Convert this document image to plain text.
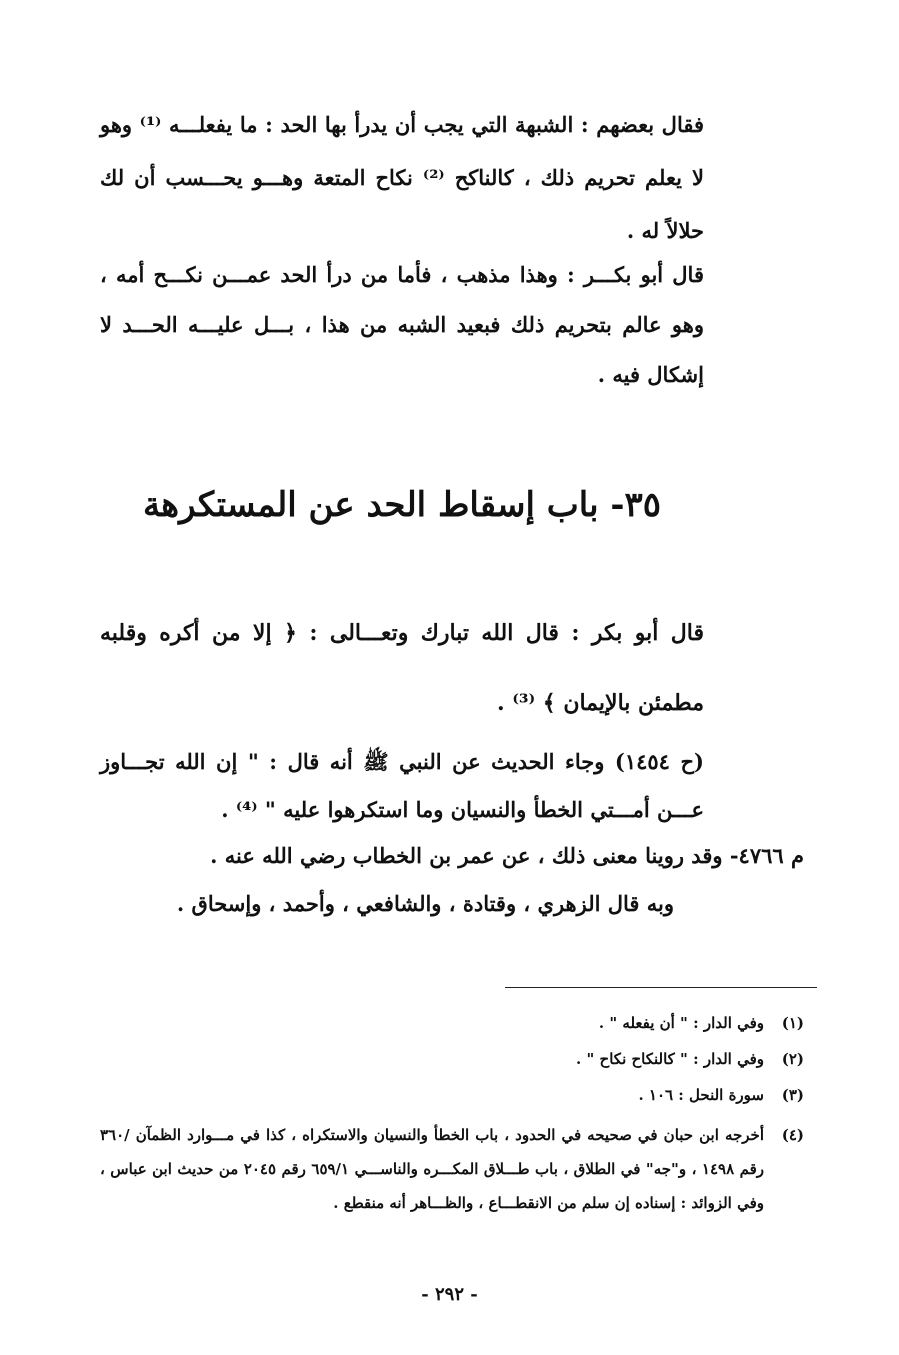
فقال بعضهم : الشبهة التي يجب أن يدرأ بها الحد : ما يفعلـــه ⁽¹⁾ وهو لا يعلم تحريم ذلك ، كالناكح ⁽²⁾ نكاح المتعة وهـــو يحـــسب أن لك حلالاً له .

قال أبو بكـــر : وهذا مذهب ، فأما من درأ الحد عمـــن نكـــح أمه ، وهو عالم بتحريم ذلك فبعيد الشبه من هذا ، بـــل عليـــه الحـــد لا إشكال فيه .

٣٥- باب إسقاط الحد عن المستكرهة

قال أبو بكر : قال الله تبارك وتعـــالى : ﴿ إلا من أكره وقلبه مطمئن بالإيمان ﴾ ⁽³⁾ .

(ح ١٤٥٤) وجاء الحديث عن النبي ﷺ أنه قال : " إن الله تجـــاوز عـــن أمـــتي الخطأ والنسيان وما استكرهوا عليه " ⁽⁴⁾ .

م ٤٧٦٦- وقد روينا معنى ذلك ، عن عمر بن الخطاب رضي الله عنه .

وبه قال الزهري ، وقتادة ، والشافعي ، وأحمد ، وإسحاق .

(١)
وفي الدار : " أن يفعله " .
(٢)
وفي الدار : " كالنكاح نكاح " .
(٣)
سورة النحل : ١٠٦ .
(٤)
أخرجه ابن حبان في صحيحه في الحدود ، باب الخطأ والنسيان والاستكراه ، كذا في مـــوارد الظمآن /٣٦٠ رقم ١٤٩٨ ، و"جه" في الطلاق ، باب طـــلاق المكـــره والناســـي ٦٥٩/١ رقم ٢٠٤٥ من حديث ابن عباس ، وفي الزوائد : إسناده إن سلم من الانقطـــاع ، والظـــاهر أنه منقطع .
- ٢٩٢ -
